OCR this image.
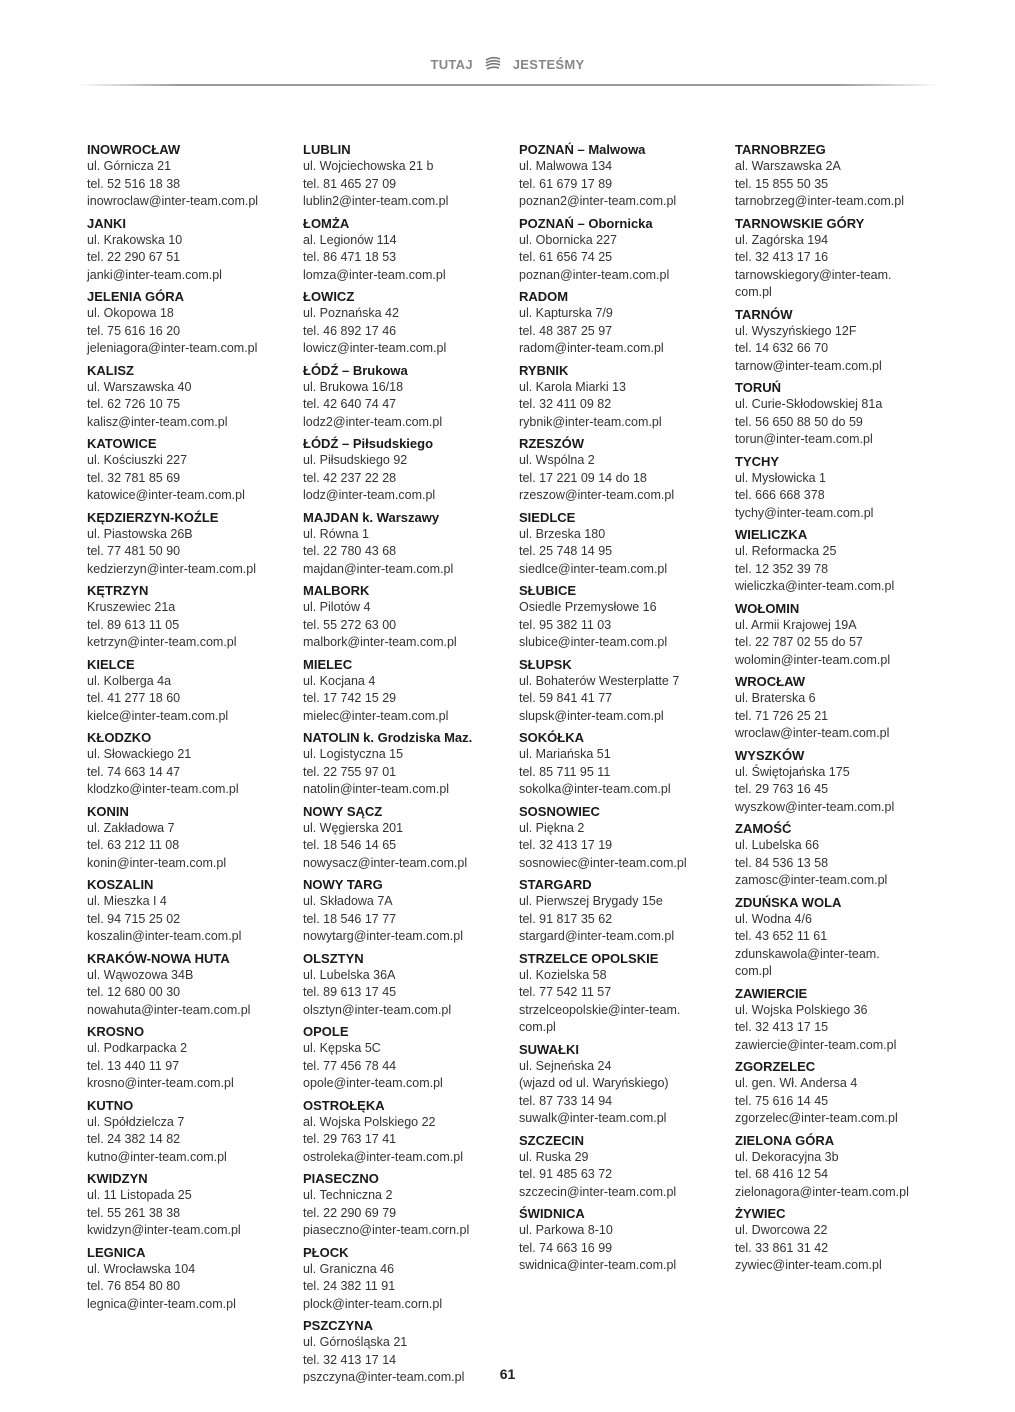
TUTAJ	JESTEŚMY
INOWROCŁAW
ul. Górnicza 21
tel. 52 516 18 38
inowroclaw@inter-team.com.pl
JANKI
ul. Krakowska 10
tel. 22 290 67 51
janki@inter-team.com.pl
JELENIA GÓRA
ul. Okopowa 18
tel. 75 616 16 20
jeleniagora@inter-team.com.pl
KALISZ
ul. Warszawska 40
tel. 62 726 10 75
kalisz@inter-team.com.pl
KATOWICE
ul. Kościuszki 227
tel. 32 781 85 69
katowice@inter-team.com.pl
KĘDZIERZYN-KOŹLE
ul. Piastowska 26B
tel. 77 481 50 90
kedzierzyn@inter-team.com.pl
KĘTRZYN
Kruszewiec 21a
tel. 89 613 11 05
ketrzyn@inter-team.com.pl
KIELCE
ul. Kolberga 4a
tel. 41 277 18 60
kielce@inter-team.com.pl
KŁODZKO
ul. Słowackiego 21
tel. 74 663 14 47
klodzko@inter-team.com.pl
KONIN
ul. Zakładowa 7
tel. 63 212 11 08
konin@inter-team.com.pl
KOSZALIN
ul. Mieszka I 4
tel. 94 715 25 02
koszalin@inter-team.com.pl
KRAKÓW-NOWA HUTA
ul. Wąwozowa 34B
tel. 12 680 00 30
nowahuta@inter-team.com.pl
KROSNO
ul. Podkarpacka 2
tel. 13 440 11 97
krosno@inter-team.com.pl
KUTNO
ul. Spółdzielcza 7
tel. 24 382 14 82
kutno@inter-team.com.pl
KWIDZYN
ul. 11 Listopada 25
tel. 55 261 38 38
kwidzyn@inter-team.com.pl
LEGNICA
ul. Wrocławska 104
tel. 76 854 80 80
legnica@inter-team.com.pl
LUBLIN
ul. Wojciechowska 21 b
tel. 81 465 27 09
lublin2@inter-team.com.pl
ŁOMŻA
al. Legionów 114
tel. 86 471 18 53
lomza@inter-team.com.pl
ŁOWICZ
ul. Poznańska 42
tel. 46 892 17 46
lowicz@inter-team.com.pl
ŁÓDŹ – Brukowa
ul. Brukowa 16/18
tel. 42 640 74 47
lodz2@inter-team.com.pl
ŁÓDŹ – Piłsudskiego
ul. Piłsudskiego 92
tel. 42 237 22 28
lodz@inter-team.com.pl
MAJDAN k. Warszawy
ul. Równa 1
tel. 22 780 43 68
majdan@inter-team.com.pl
MALBORK
ul. Pilotów 4
tel. 55 272 63 00
malbork@inter-team.com.pl
MIELEC
ul. Kocjana 4
tel. 17 742 15 29
mielec@inter-team.com.pl
NATOLIN k. Grodziska Maz.
ul. Logistyczna 15
tel. 22 755 97 01
natolin@inter-team.com.pl
NOWY SĄCZ
ul. Węgierska 201
tel. 18 546 14 65
nowysacz@inter-team.com.pl
NOWY TARG
ul. Składowa 7A
tel. 18 546 17 77
nowytarg@inter-team.com.pl
OLSZTYN
ul. Lubelska 36A
tel. 89 613 17 45
olsztyn@inter-team.com.pl
OPOLE
ul. Kępska 5C
tel. 77 456 78 44
opole@inter-team.com.pl
OSTROŁĘKA
al. Wojska Polskiego 22
tel. 29 763 17 41
ostroleka@inter-team.com.pl
PIASECZNO
ul. Techniczna 2
tel. 22 290 69 79
piaseczno@inter-team.corn.pl
PŁOCK
ul. Graniczna 46
tel. 24 382 11 91
plock@inter-team.corn.pl
PSZCZYNA
ul. Górnośląska 21
tel. 32 413 17 14
pszczyna@inter-team.com.pl
POZNAŃ – Malwowa
ul. Malwowa 134
tel. 61 679 17 89
poznan2@inter-team.com.pl
POZNAŃ – Obornicka
ul. Obornicka 227
tel. 61 656 74 25
poznan@inter-team.com.pl
RADOM
ul. Kapturska 7/9
tel. 48 387 25 97
radom@inter-team.com.pl
RYBNIK
ul. Karola Miarki 13
tel. 32 411 09 82
rybnik@inter-team.com.pl
RZESZÓW
ul. Wspólna 2
tel. 17 221 09 14 do 18
rzeszow@inter-team.com.pl
SIEDLCE
ul. Brzeska 180
tel. 25 748 14 95
siedlce@inter-team.com.pl
SŁUBICE
Osiedle Przemysłowe 16
tel. 95 382 11 03
slubice@inter-team.com.pl
SŁUPSK
ul. Bohaterów Westerplatte 7
tel. 59 841 41 77
slupsk@inter-team.com.pl
SOKÓŁKA
ul. Mariańska 51
tel. 85 711 95 11
sokolka@inter-team.com.pl
SOSNOWIEC
ul. Piękna 2
tel. 32 413 17 19
sosnowiec@inter-team.com.pl
STARGARD
ul. Pierwszej Brygady 15e
tel. 91 817 35 62
stargard@inter-team.com.pl
STRZELCE OPOLSKIE
ul. Kozielska 58
tel. 77 542 11 57
strzelceopolskie@inter-team.
com.pl
SUWAŁKI
ul. Sejneńska 24
(wjazd od ul. Waryńskiego)
tel. 87 733 14 94
suwalk@inter-team.com.pl
SZCZECIN
ul. Ruska 29
tel. 91 485 63 72
szczecin@inter-team.com.pl
ŚWIDNICA
ul. Parkowa 8-10
tel. 74 663 16 99
swidnica@inter-team.com.pl
TARNOBRZEG
al. Warszawska 2A
tel. 15 855 50 35
tarnobrzeg@inter-team.com.pl
TARNOWSKIE GÓRY
ul. Zagórska 194
tel. 32 413 17 16
tarnowskiegory@inter-team.
com.pl
TARNÓW
ul. Wyszyńskiego 12F
tel. 14 632 66 70
tarnow@inter-team.com.pl
TORUŃ
ul. Curie-Skłodowskiej 81a
tel. 56 650 88 50 do 59
torun@inter-team.com.pl
TYCHY
ul. Mysłowicka 1
tel. 666 668 378
tychy@inter-team.com.pl
WIELICZKA
ul. Reformacka 25
tel. 12 352 39 78
wieliczka@inter-team.com.pl
WOŁOMIN
ul. Armii Krajowej 19A
tel. 22 787 02 55 do 57
wolomin@inter-team.com.pl
WROCŁAW
ul. Braterska 6
tel. 71 726 25 21
wroclaw@inter-team.com.pl
WYSZKÓW
ul. Świętojańska 175
tel. 29 763 16 45
wyszkow@inter-team.com.pl
ZAMOŚĆ
ul. Lubelska 66
tel. 84 536 13 58
zamosc@inter-team.com.pl
ZDUŃSKA WOLA
ul. Wodna 4/6
tel. 43 652 11 61
zdunskawola@inter-team.
com.pl
ZAWIERCIE
ul. Wojska Polskiego 36
tel. 32 413 17 15
zawiercie@inter-team.com.pl
ZGORZELEC
ul. gen. Wł. Andersa 4
tel. 75 616 14 45
zgorzelec@inter-team.com.pl
ZIELONA GÓRA
ul. Dekoracyjna 3b
tel. 68 416 12 54
zielonagora@inter-team.com.pl
ŻYWIEC
ul. Dworcowa 22
tel. 33 861 31 42
zywiec@inter-team.com.pl
61
